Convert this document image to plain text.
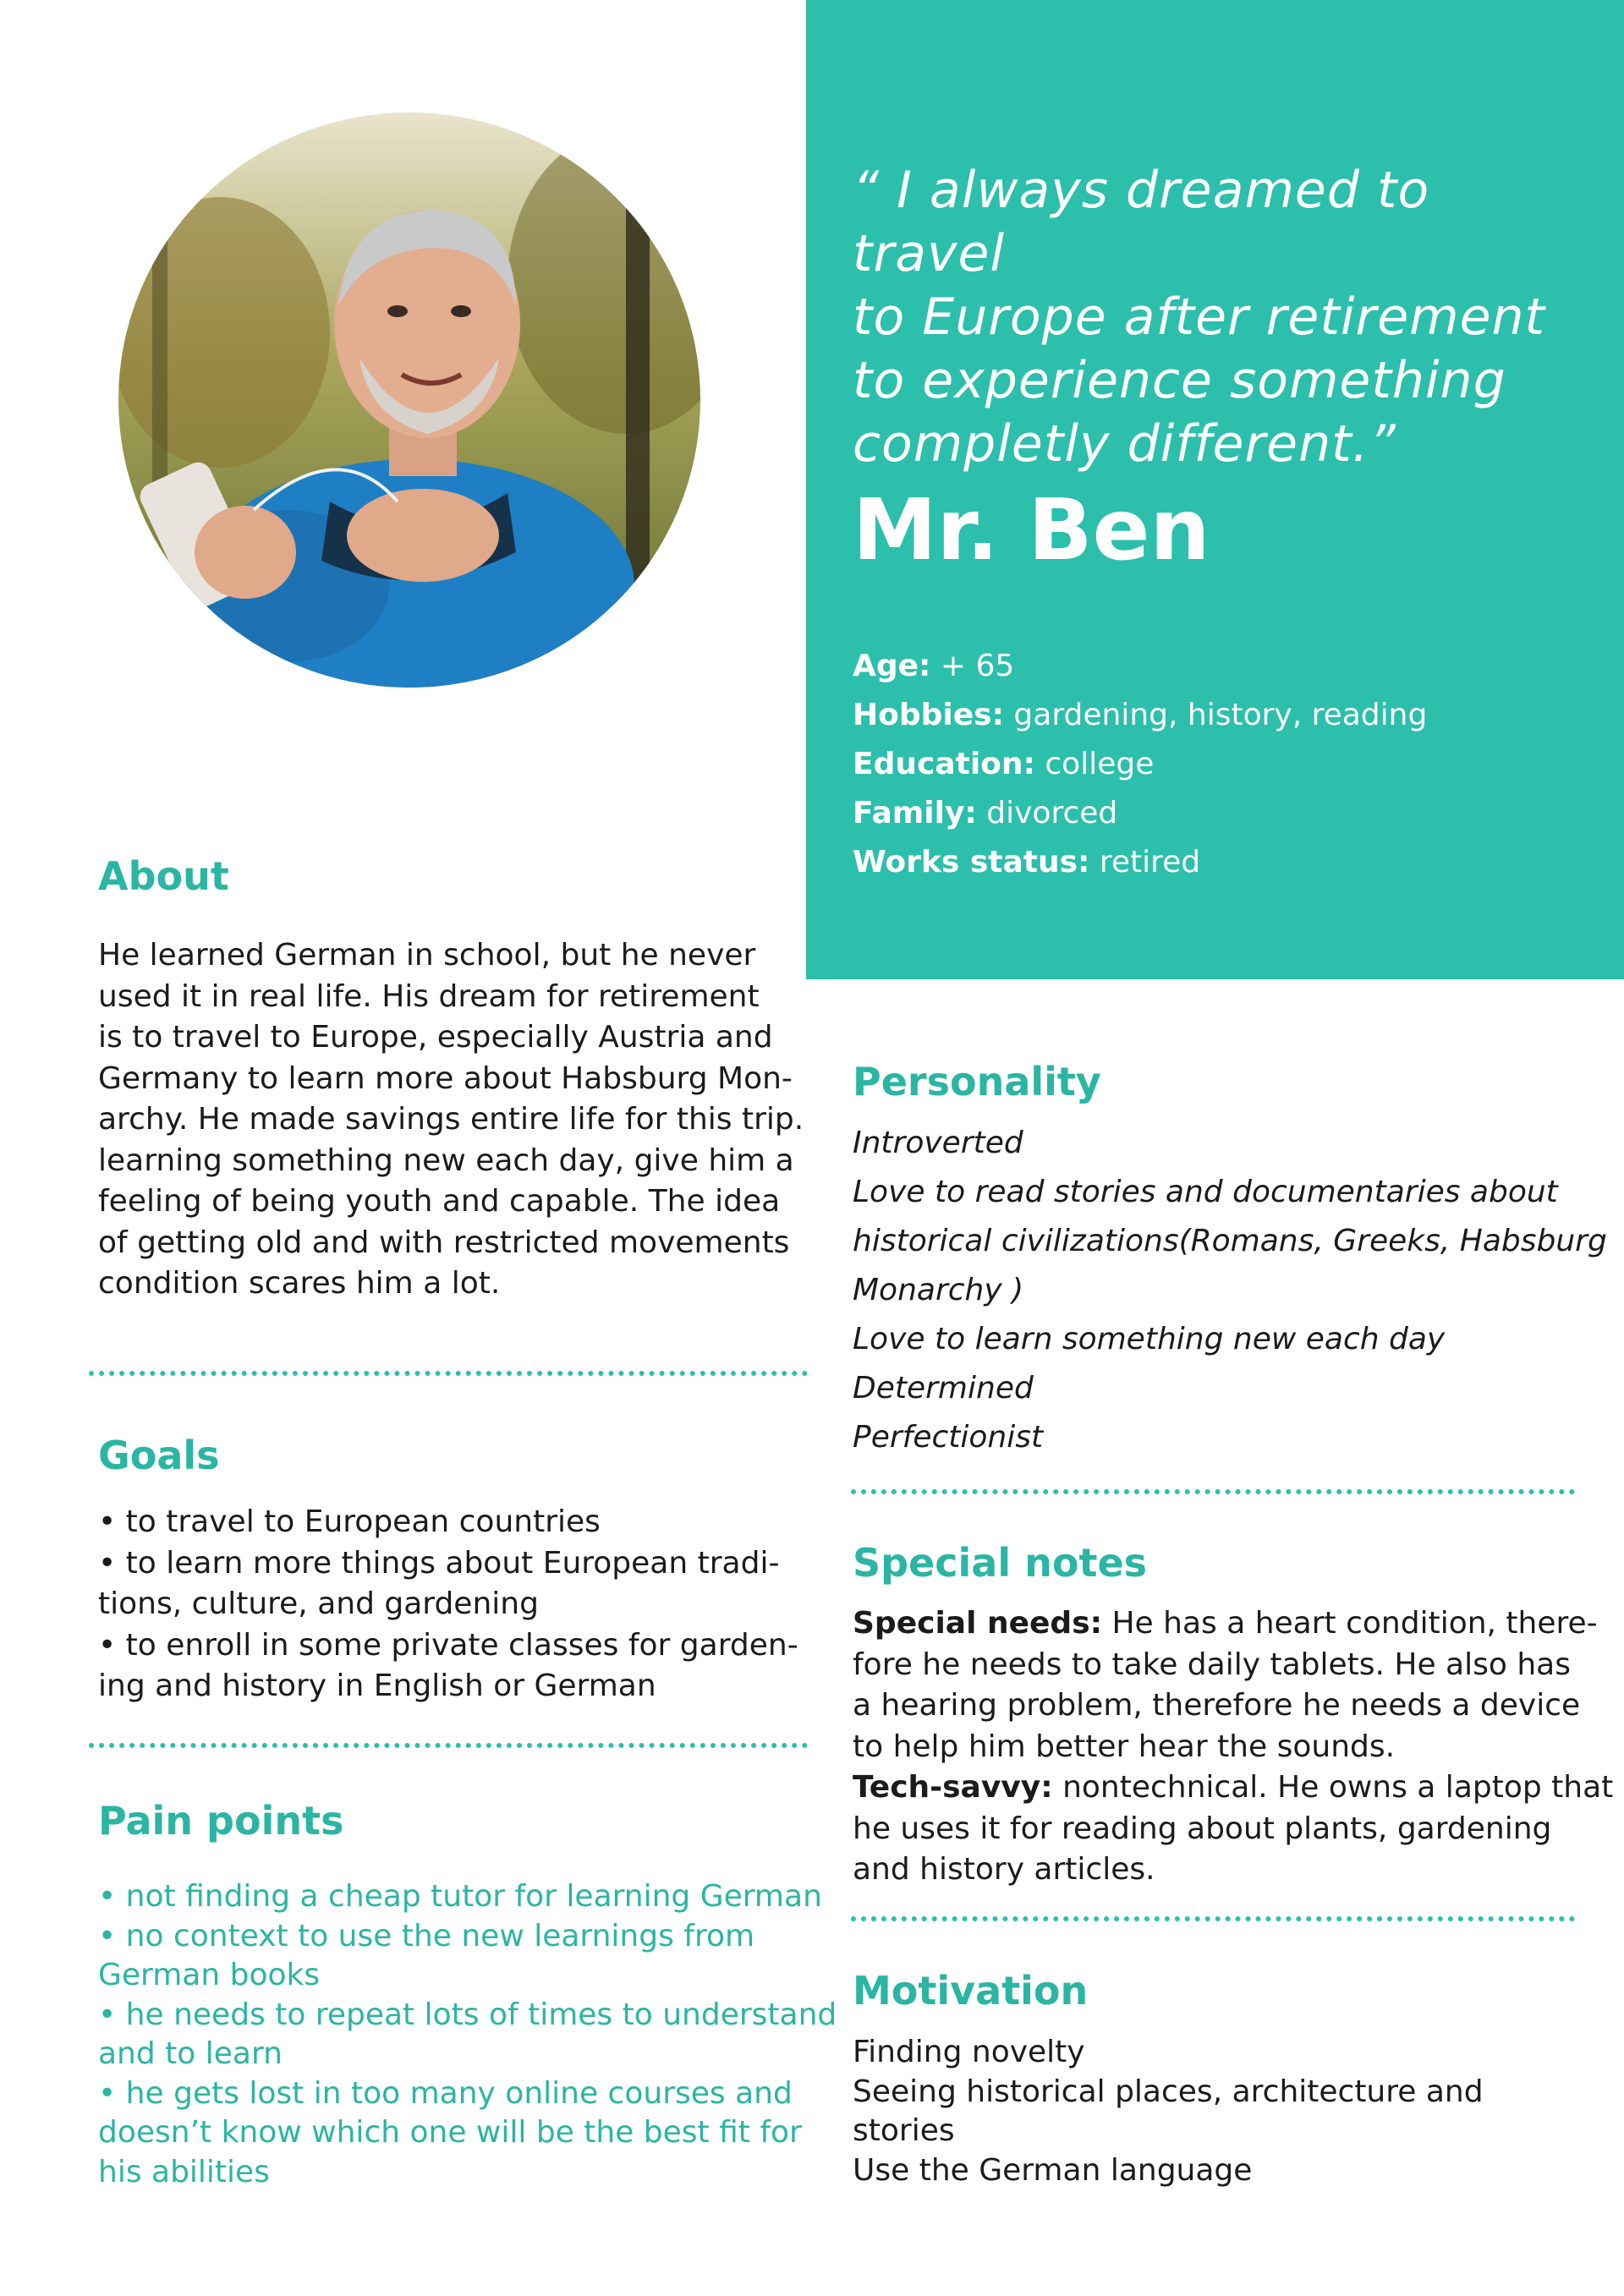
“ I always dreamed to travel
to Europe after retirement
to experience something
completly different.”
Mr. Ben
Age: + 65
Hobbies: gardening, history, reading
Education: college
Family: divorced
Works status: retired
About

He learned German in school, but he never

used it in real life. His dream for retirement

is to travel to Europe, especially Austria and

Germany to learn more about Habsburg Mon-

archy. He made savings entire life for this trip.

learning something new each day, give him a

feeling of being youth and capable. The idea

of getting old and with restricted movements

condition scares him a lot.

Goals

• to travel to European countries

• to learn more things about European tradi-

tions, culture, and gardening

• to enroll in some private classes for garden-

ing and history in English or German

Pain points

• not finding a cheap tutor for learning German

• no context to use the new learnings from

German books

• he needs to repeat lots of times to understand

and to learn

• he gets lost in too many online courses and

doesn’t know which one will be the best fit for

his abilities

Personality

Introverted

Love to read stories and documentaries about

historical civilizations(Romans, Greeks, Habsburg

Monarchy )

Love to learn something new each day

Determined

Perfectionist

Special notes

Special needs: He has a heart condition, there-

fore he needs to take daily tablets. He also has

a hearing problem, therefore he needs a device

to help him better hear the sounds.

Tech-savvy: nontechnical. He owns a laptop that

he uses it for reading about plants, gardening

and history articles.

Motivation

Finding novelty

Seeing historical places, architecture and

stories

Use the German language
